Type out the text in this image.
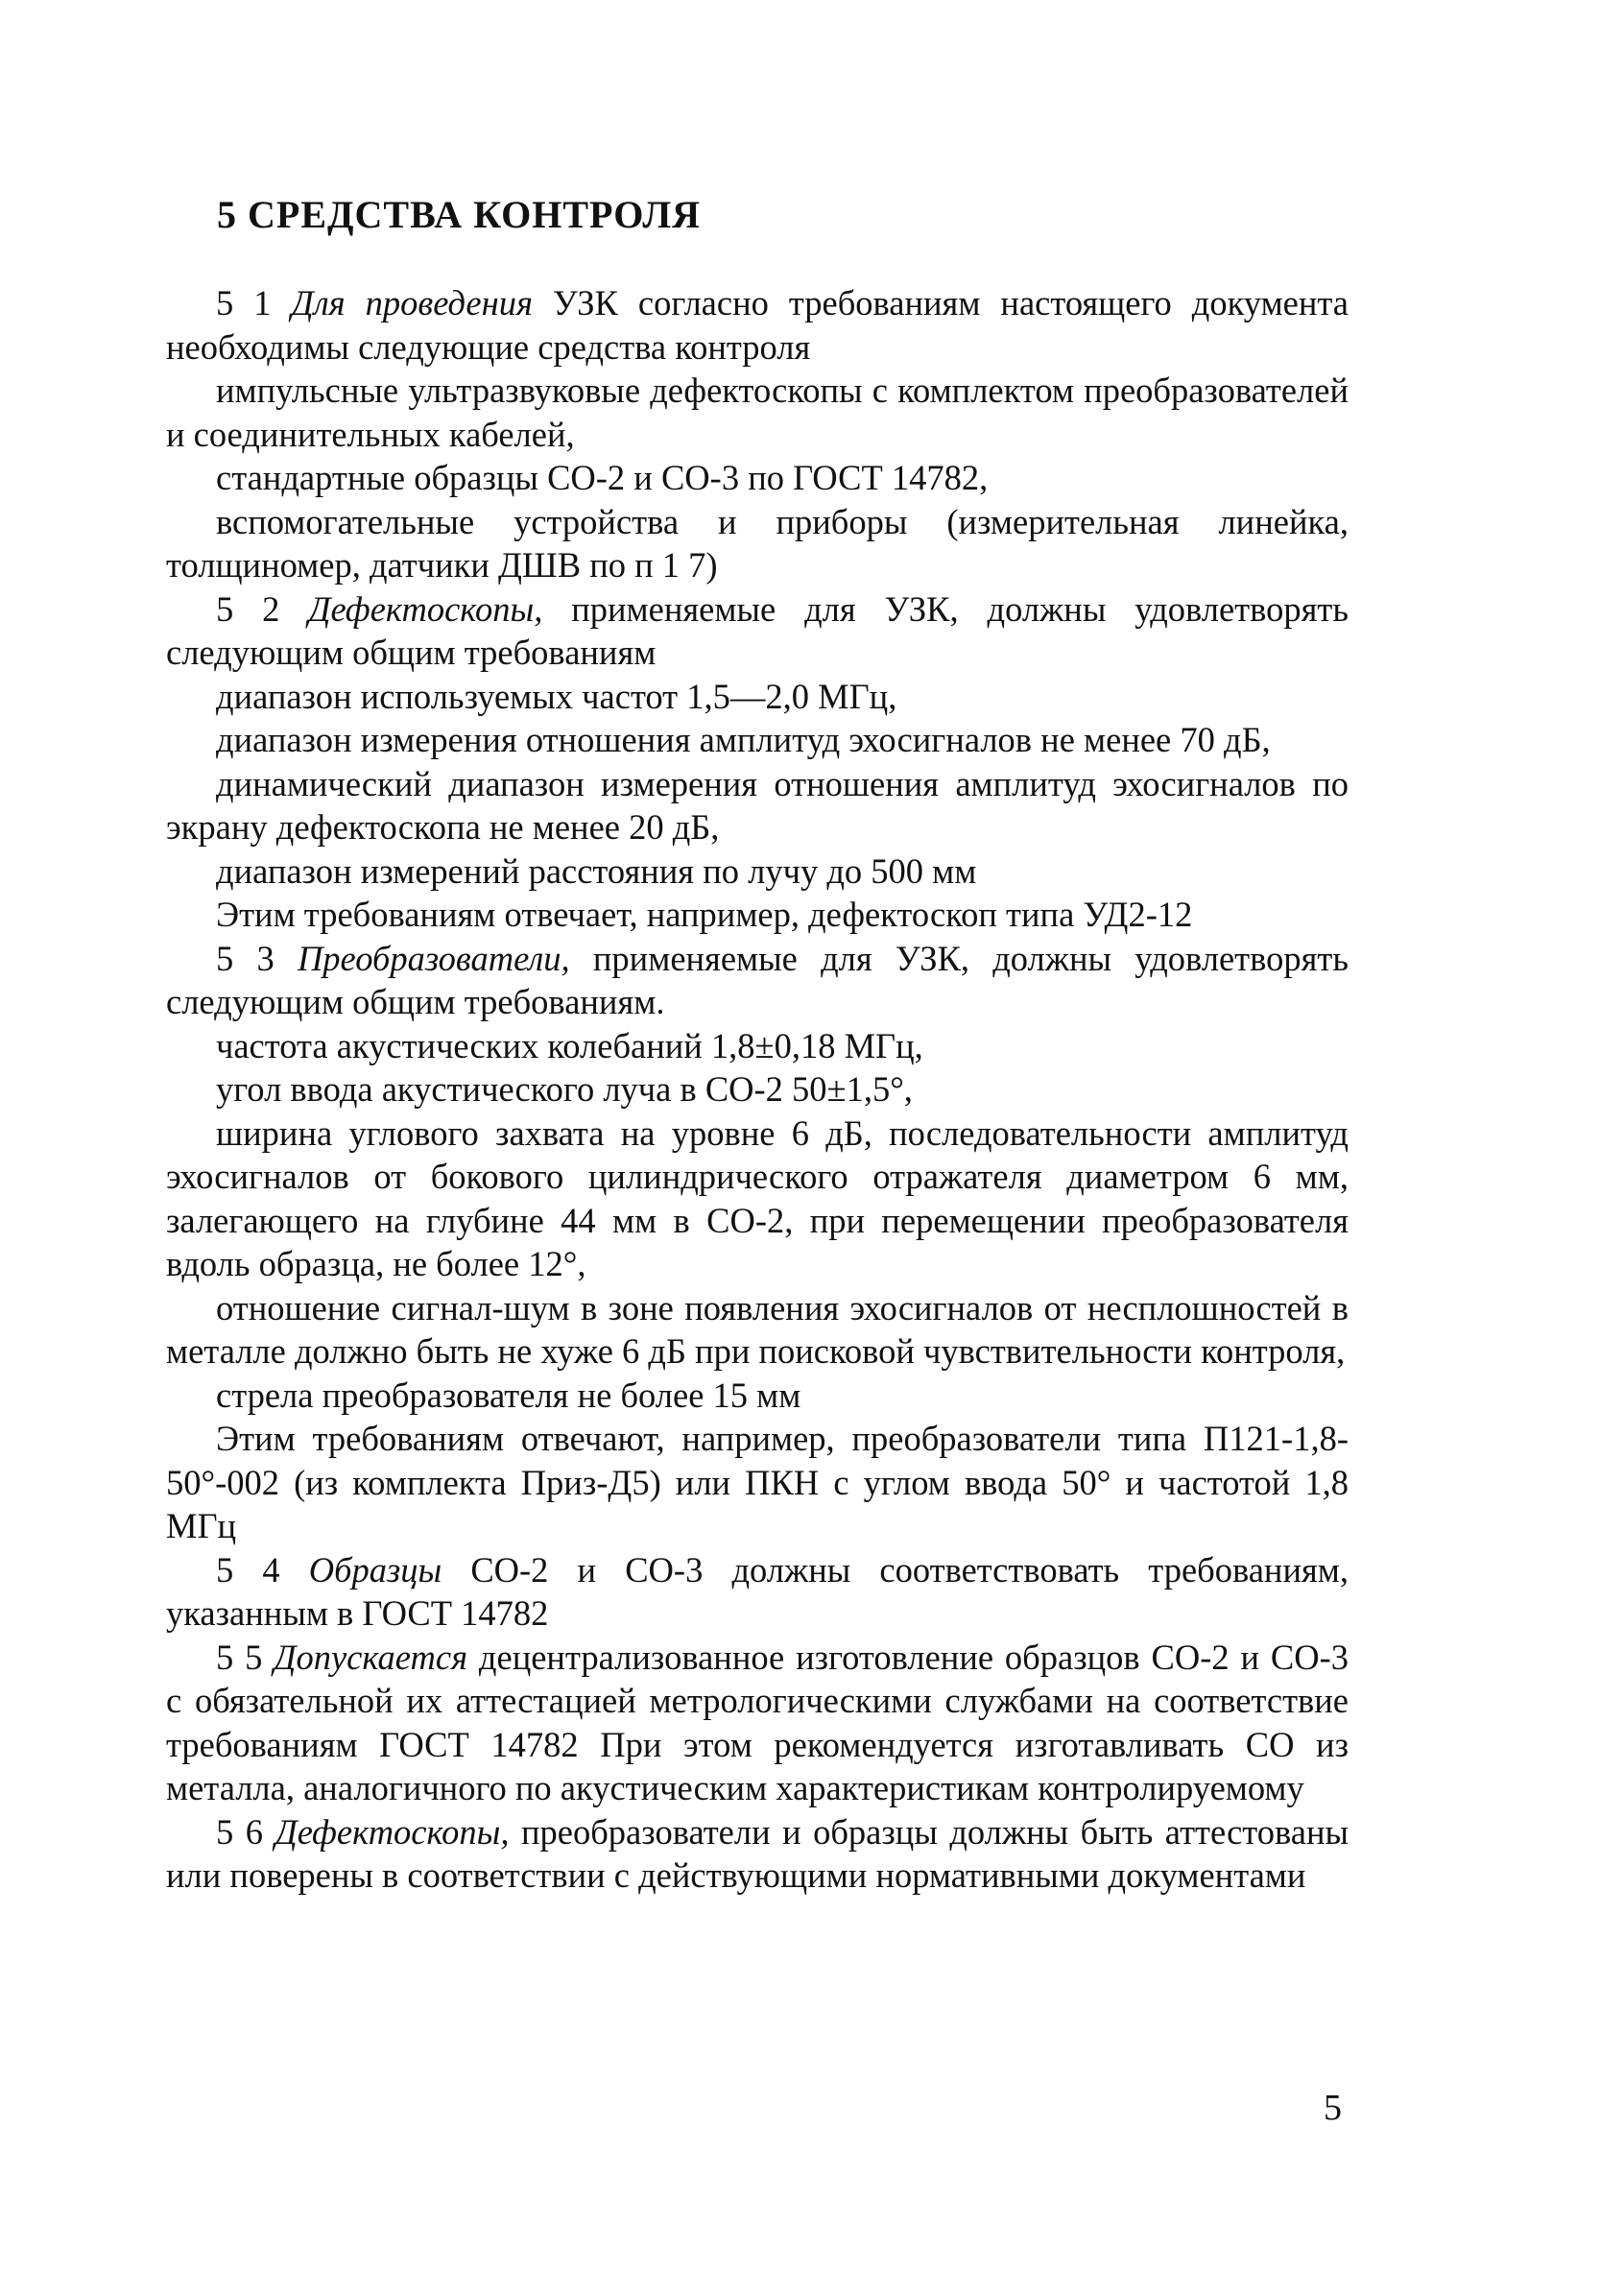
5 СРЕДСТВА КОНТРОЛЯ

5 1 Для проведения УЗК согласно требованиям настоящего документа необходимы следующие средства контроля

импульсные ультразвуковые дефектоскопы с комплектом преобразователей и соединительных кабелей,

стандартные образцы СО-2 и СО-3 по ГОСТ 14782,

вспомогательные устройства и приборы (измерительная линейка, толщиномер, датчики ДШВ по п 1 7)

5 2 Дефектоскопы, применяемые для УЗК, должны удовлетворять следующим общим требованиям

диапазон используемых частот 1,5—2,0 МГц,

диапазон измерения отношения амплитуд эхосигналов не менее 70 дБ,

динамический диапазон измерения отношения амплитуд эхосигналов по экрану дефектоскопа не менее 20 дБ,

диапазон измерений расстояния по лучу до 500 мм

Этим требованиям отвечает, например, дефектоскоп типа УД2-12

5 3 Преобразователи, применяемые для УЗК, должны удовлетворять следующим общим требованиям.

частота акустических колебаний 1,8±0,18 МГц,

угол ввода акустического луча в СО-2 50±1,5°,

ширина углового захвата на уровне 6 дБ, последовательности амплитуд эхосигналов от бокового цилиндрического отражателя диаметром 6 мм, залегающего на глубине 44 мм в СО-2, при перемещении преобразователя вдоль образца, не более 12°,

отношение сигнал-шум в зоне появления эхосигналов от несплошностей в металле должно быть не хуже 6 дБ при поисковой чувствительности контроля,

стрела преобразователя не более 15 мм

Этим требованиям отвечают, например, преобразователи типа П121-1,8-50°-002 (из комплекта Приз-Д5) или ПКН с углом ввода 50° и частотой 1,8 МГц

5 4 Образцы СО-2 и СО-3 должны соответствовать требованиям, указанным в ГОСТ 14782

5 5 Допускается децентрализованное изготовление образцов СО-2 и СО-3 с обязательной их аттестацией метрологическими службами на соответствие требованиям ГОСТ 14782 При этом рекомендуется изготавливать СО из металла, аналогичного по акустическим характеристикам контролируемому

5 6 Дефектоскопы, преобразователи и образцы должны быть аттестованы или поверены в соответствии с действующими нормативными документами

5
